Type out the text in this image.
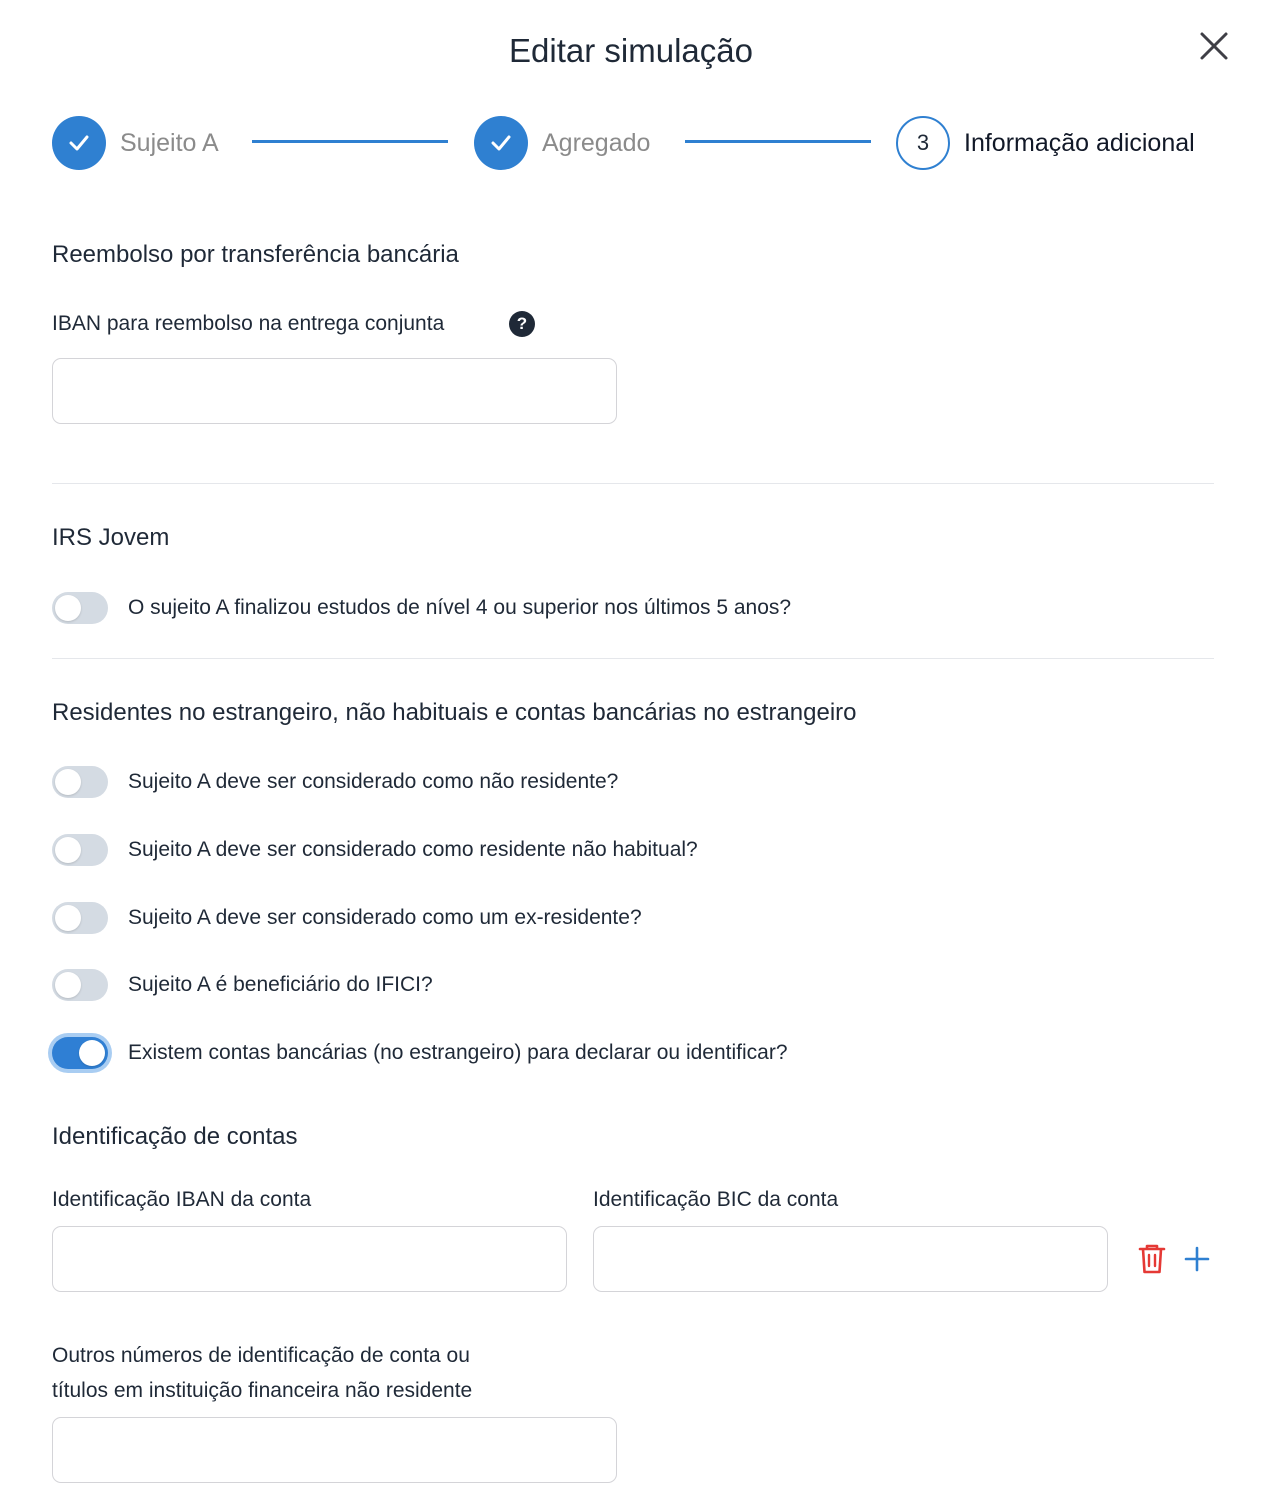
Editar simulação
Sujeito A	Agregado	3	Informação adicional
Reembolso por transferência bancária
IBAN para reembolso na entrega conjunta	?
IRS Jovem
O sujeito A finalizou estudos de nível 4 ou superior nos últimos 5 anos?
Residentes no estrangeiro, não habituais e contas bancárias no estrangeiro
Sujeito A deve ser considerado como não residente?
Sujeito A deve ser considerado como residente não habitual?
Sujeito A deve ser considerado como um ex-residente?
Sujeito A é beneficiário do IFICI?
Existem contas bancárias (no estrangeiro) para declarar ou identificar?
Identificação de contas
Identificação IBAN da conta	Identificação BIC da conta
Outros números de identificação de conta ou
títulos em instituição financeira não residente
